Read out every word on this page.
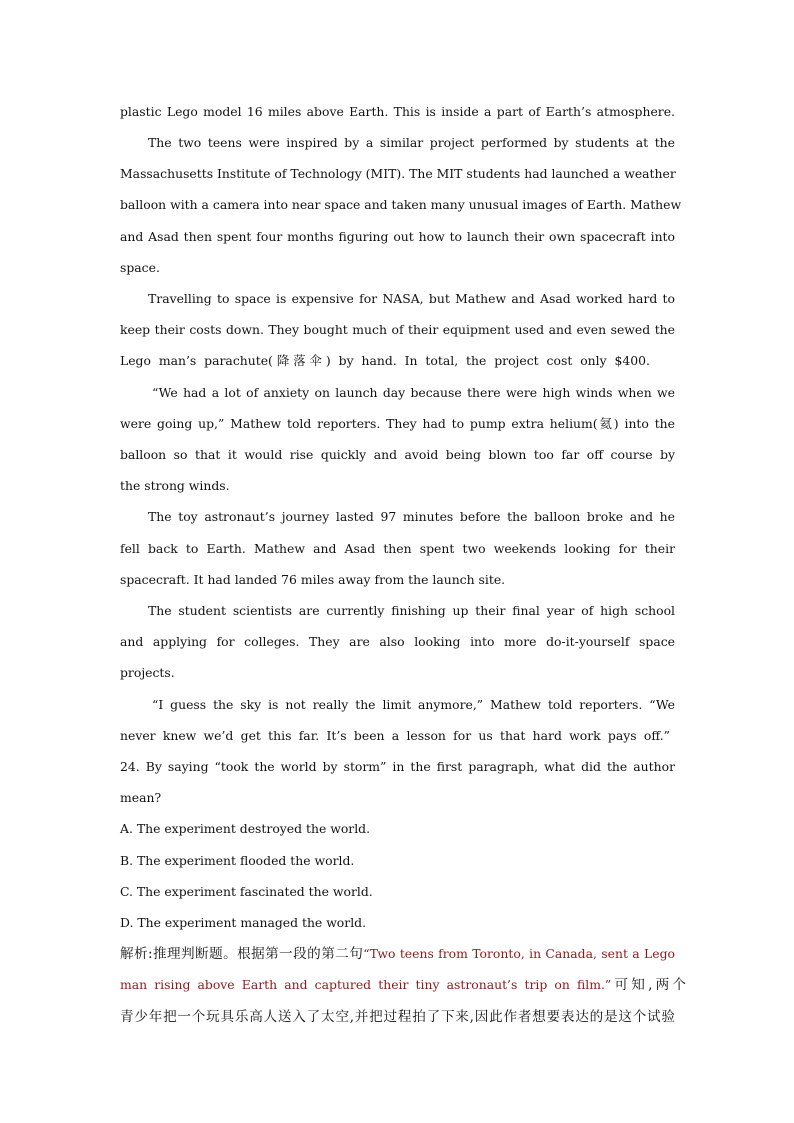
plastic Lego model 16 miles above Earth. This is inside a part of Earth’s atmosphere.
The two teens were inspired by a similar project performed by students at the
Massachusetts Institute of Technology (MIT). The MIT students had launched a weather
balloon with a camera into near space and taken many unusual images of Earth. Mathew
and Asad then spent four months figuring out how to launch their own spacecraft into
space.
Travelling to space is expensive for NASA, but Mathew and Asad worked hard to
keep their costs down. They bought much of their equipment used and even sewed the
Lego man’s parachute(降落伞) by hand. In total, the project cost only $400.
“We had a lot of anxiety on launch day because there were high winds when we
were going up,” Mathew told reporters. They had to pump extra helium(氦) into the
balloon so that it would rise quickly and avoid being blown too far off course by
the strong winds.
The toy astronaut’s journey lasted 97 minutes before the balloon broke and he
fell back to Earth. Mathew and Asad then spent two weekends looking for their
spacecraft. It had landed 76 miles away from the launch site.
The student scientists are currently finishing up their final year of high school
and applying for colleges. They are also looking into more do-it-yourself space
projects.
“I guess the sky is not really the limit anymore,” Mathew told reporters. “We
never knew we’d get this far. It’s been a lesson for us that hard work pays off.”
24. By saying “took the world by storm” in the first paragraph, what did the author
mean?
A. The experiment destroyed the world.
B. The experiment flooded the world.
C. The experiment fascinated the world.
D. The experiment managed the world.
解析:推理判断题。根据第一段的第二句“Two teens from Toronto, in Canada, sent a Lego
man rising above Earth and captured their tiny astronaut’s trip on film.”可知,两个
青少年把一个玩具乐高人送入了太空,并把过程拍了下来,因此作者想要表达的是这个试验
